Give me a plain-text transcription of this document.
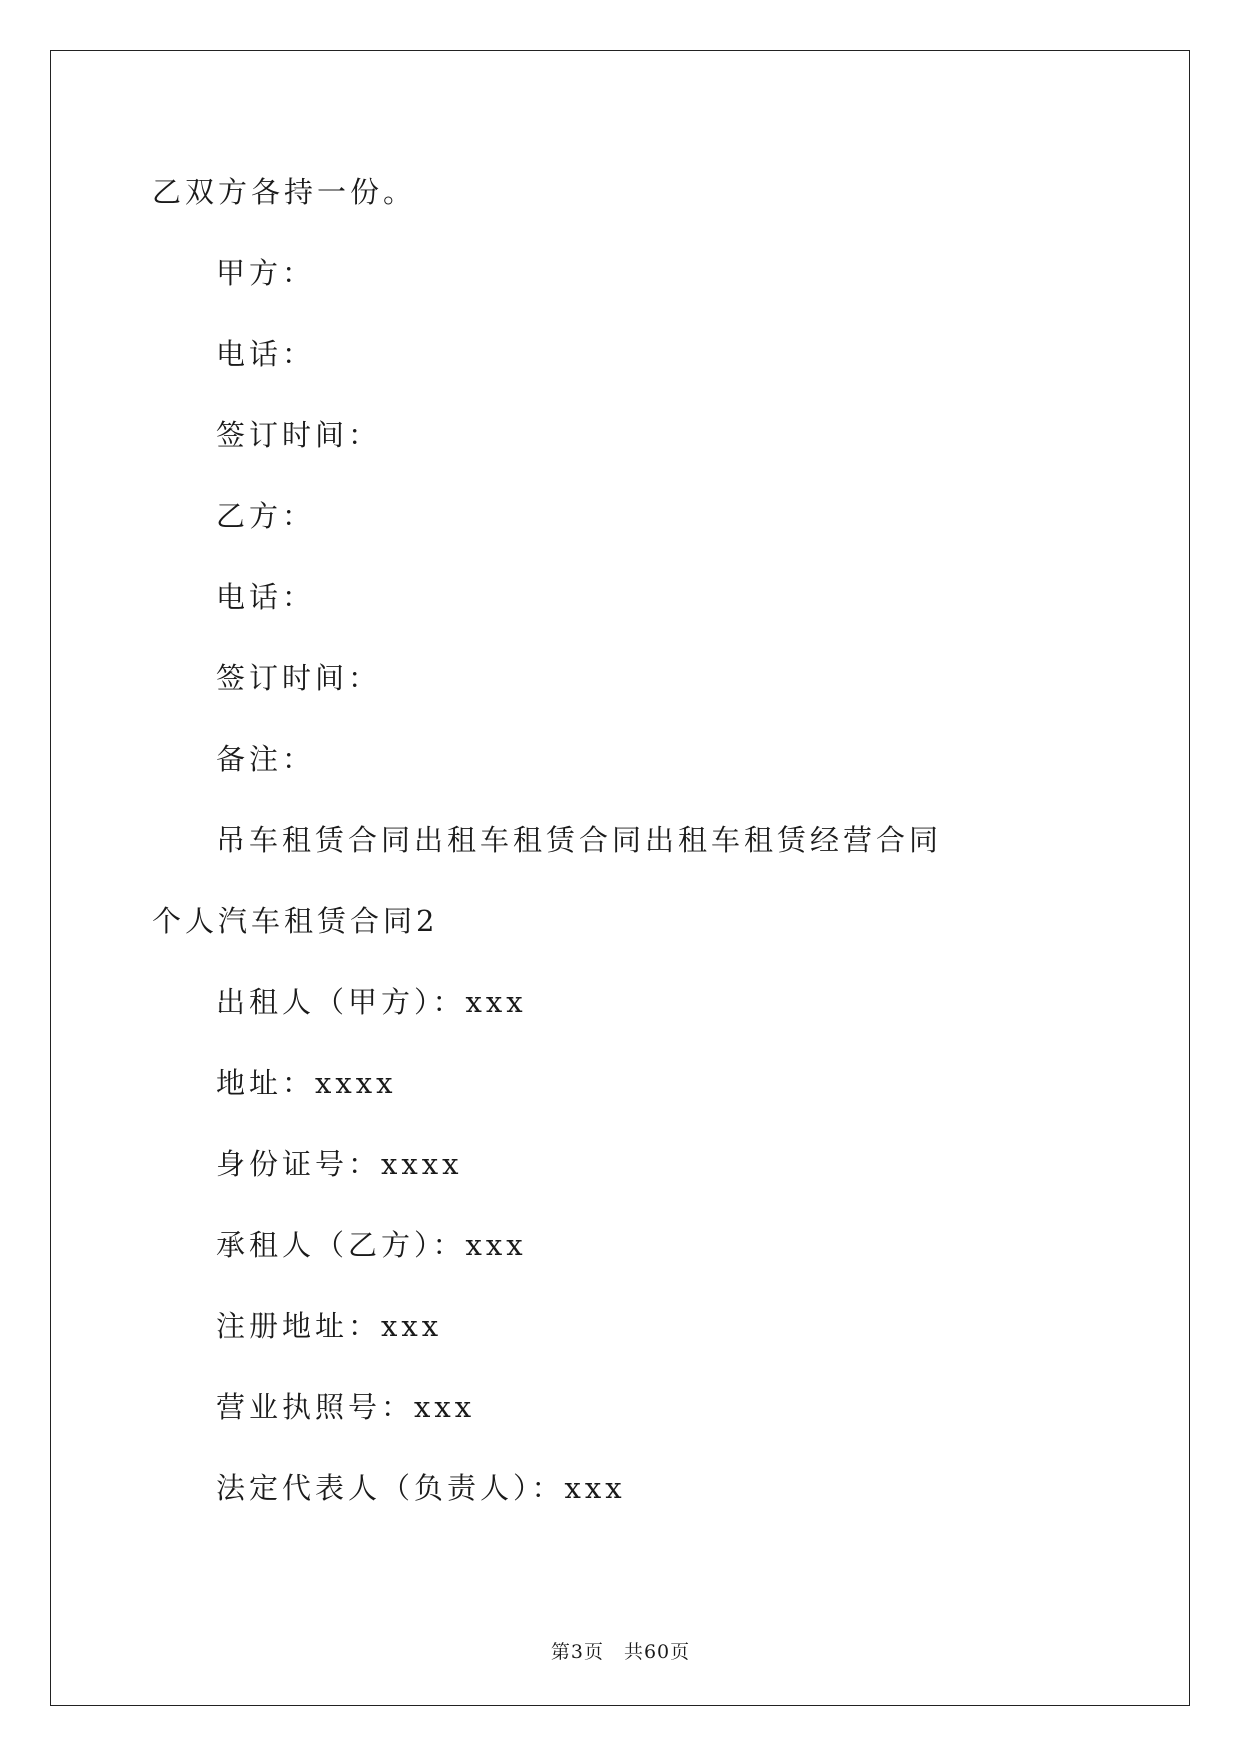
乙双方各持一份。
甲方：
电话：
签订时间：
乙方：
电话：
签订时间：
备注：
吊车租赁合同出租车租赁合同出租车租赁经营合同
个人汽车租赁合同2
出租人（甲方）：xxx
地址：xxxx
身份证号：xxxx
承租人（乙方）：xxx
注册地址：xxx
营业执照号：xxx
法定代表人（负责人）：xxx
第3页 共60页
